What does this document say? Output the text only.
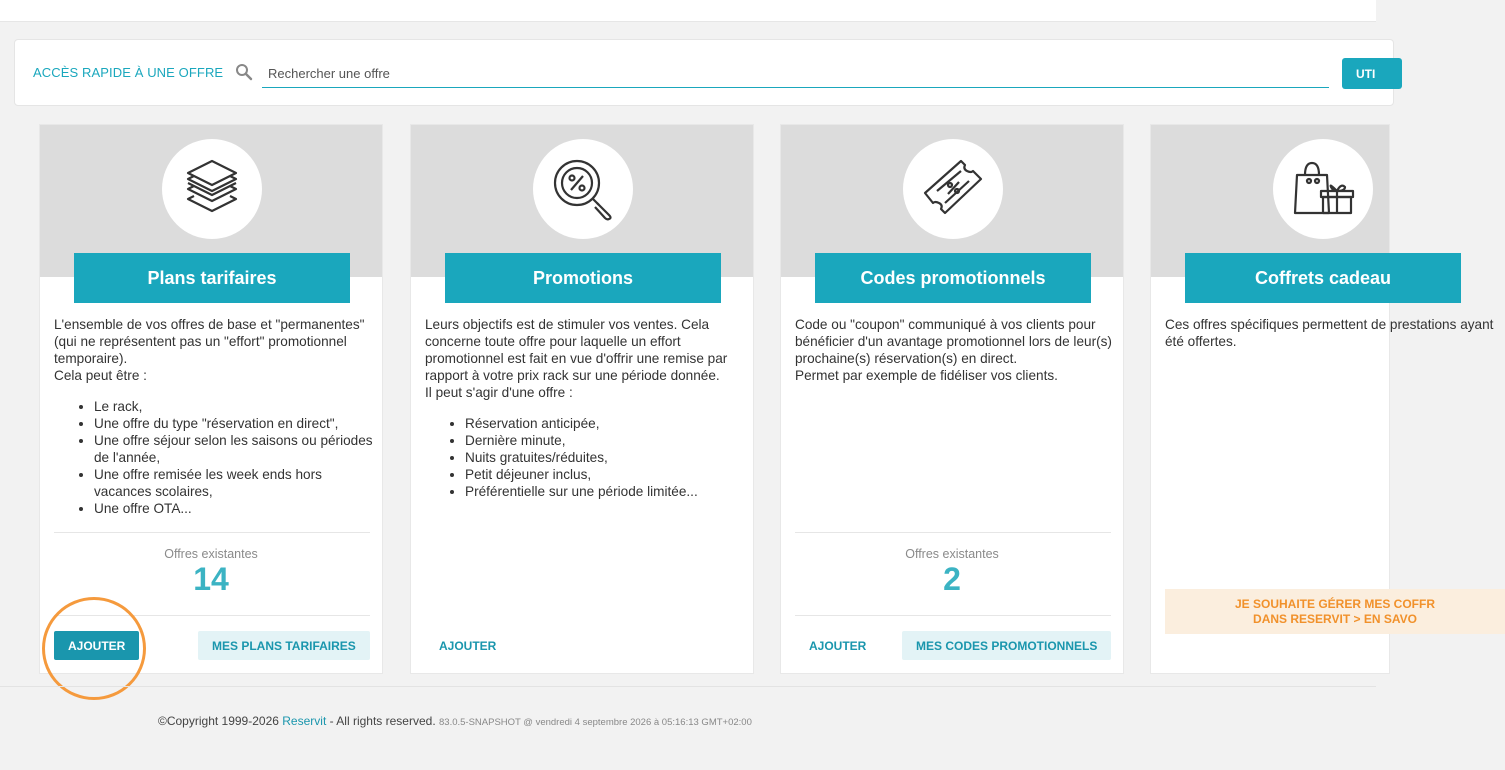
ACCÈS RAPIDE À UNE OFFRE
Rechercher une offre	UTI
Plans tarifaires

L'ensemble de vos offres de base et "permanentes" (qui ne représentent pas un "effort" promotionnel temporaire).

Cela peut être :

• Le rack,
• Une offre du type "réservation en direct",
• Une offre séjour selon les saisons ou périodes de l'année,
• Une offre remisée les week ends hors vacances scolaires,
• Une offre OTA...
Offres existantes
14
AJOUTER	MES PLANS TARIFAIRES
Promotions

Leurs objectifs est de stimuler vos ventes. Cela concerne toute offre pour laquelle un effort promotionnel est fait en vue d'offrir une remise par rapport à votre prix rack sur une période donnée.

Il peut s'agir d'une offre :

• Réservation anticipée,
• Dernière minute,
• Nuits gratuites/réduites,
• Petit déjeuner inclus,
• Préférentielle sur une période limitée...
AJOUTER
Codes promotionnels

Code ou "coupon" communiqué à vos clients pour bénéficier d'un avantage promotionnel lors de leur(s) prochaine(s) réservation(s) en direct.

Permet par exemple de fidéliser vos clients.

Offres existantes
2
AJOUTER	MES CODES PROMOTIONNELS
Coffrets cadeau

Ces offres spécifiques permettent de prestations ayant été offertes.

JE SOUHAITE GÉRER MES COFFR
DANS RESERVIT > EN SAVO
©Copyright 1999-2026 Reservit - All rights reserved. 83.0.5-SNAPSHOT @ vendredi 4 septembre 2026 à 05:16:13 GMT+02:00
